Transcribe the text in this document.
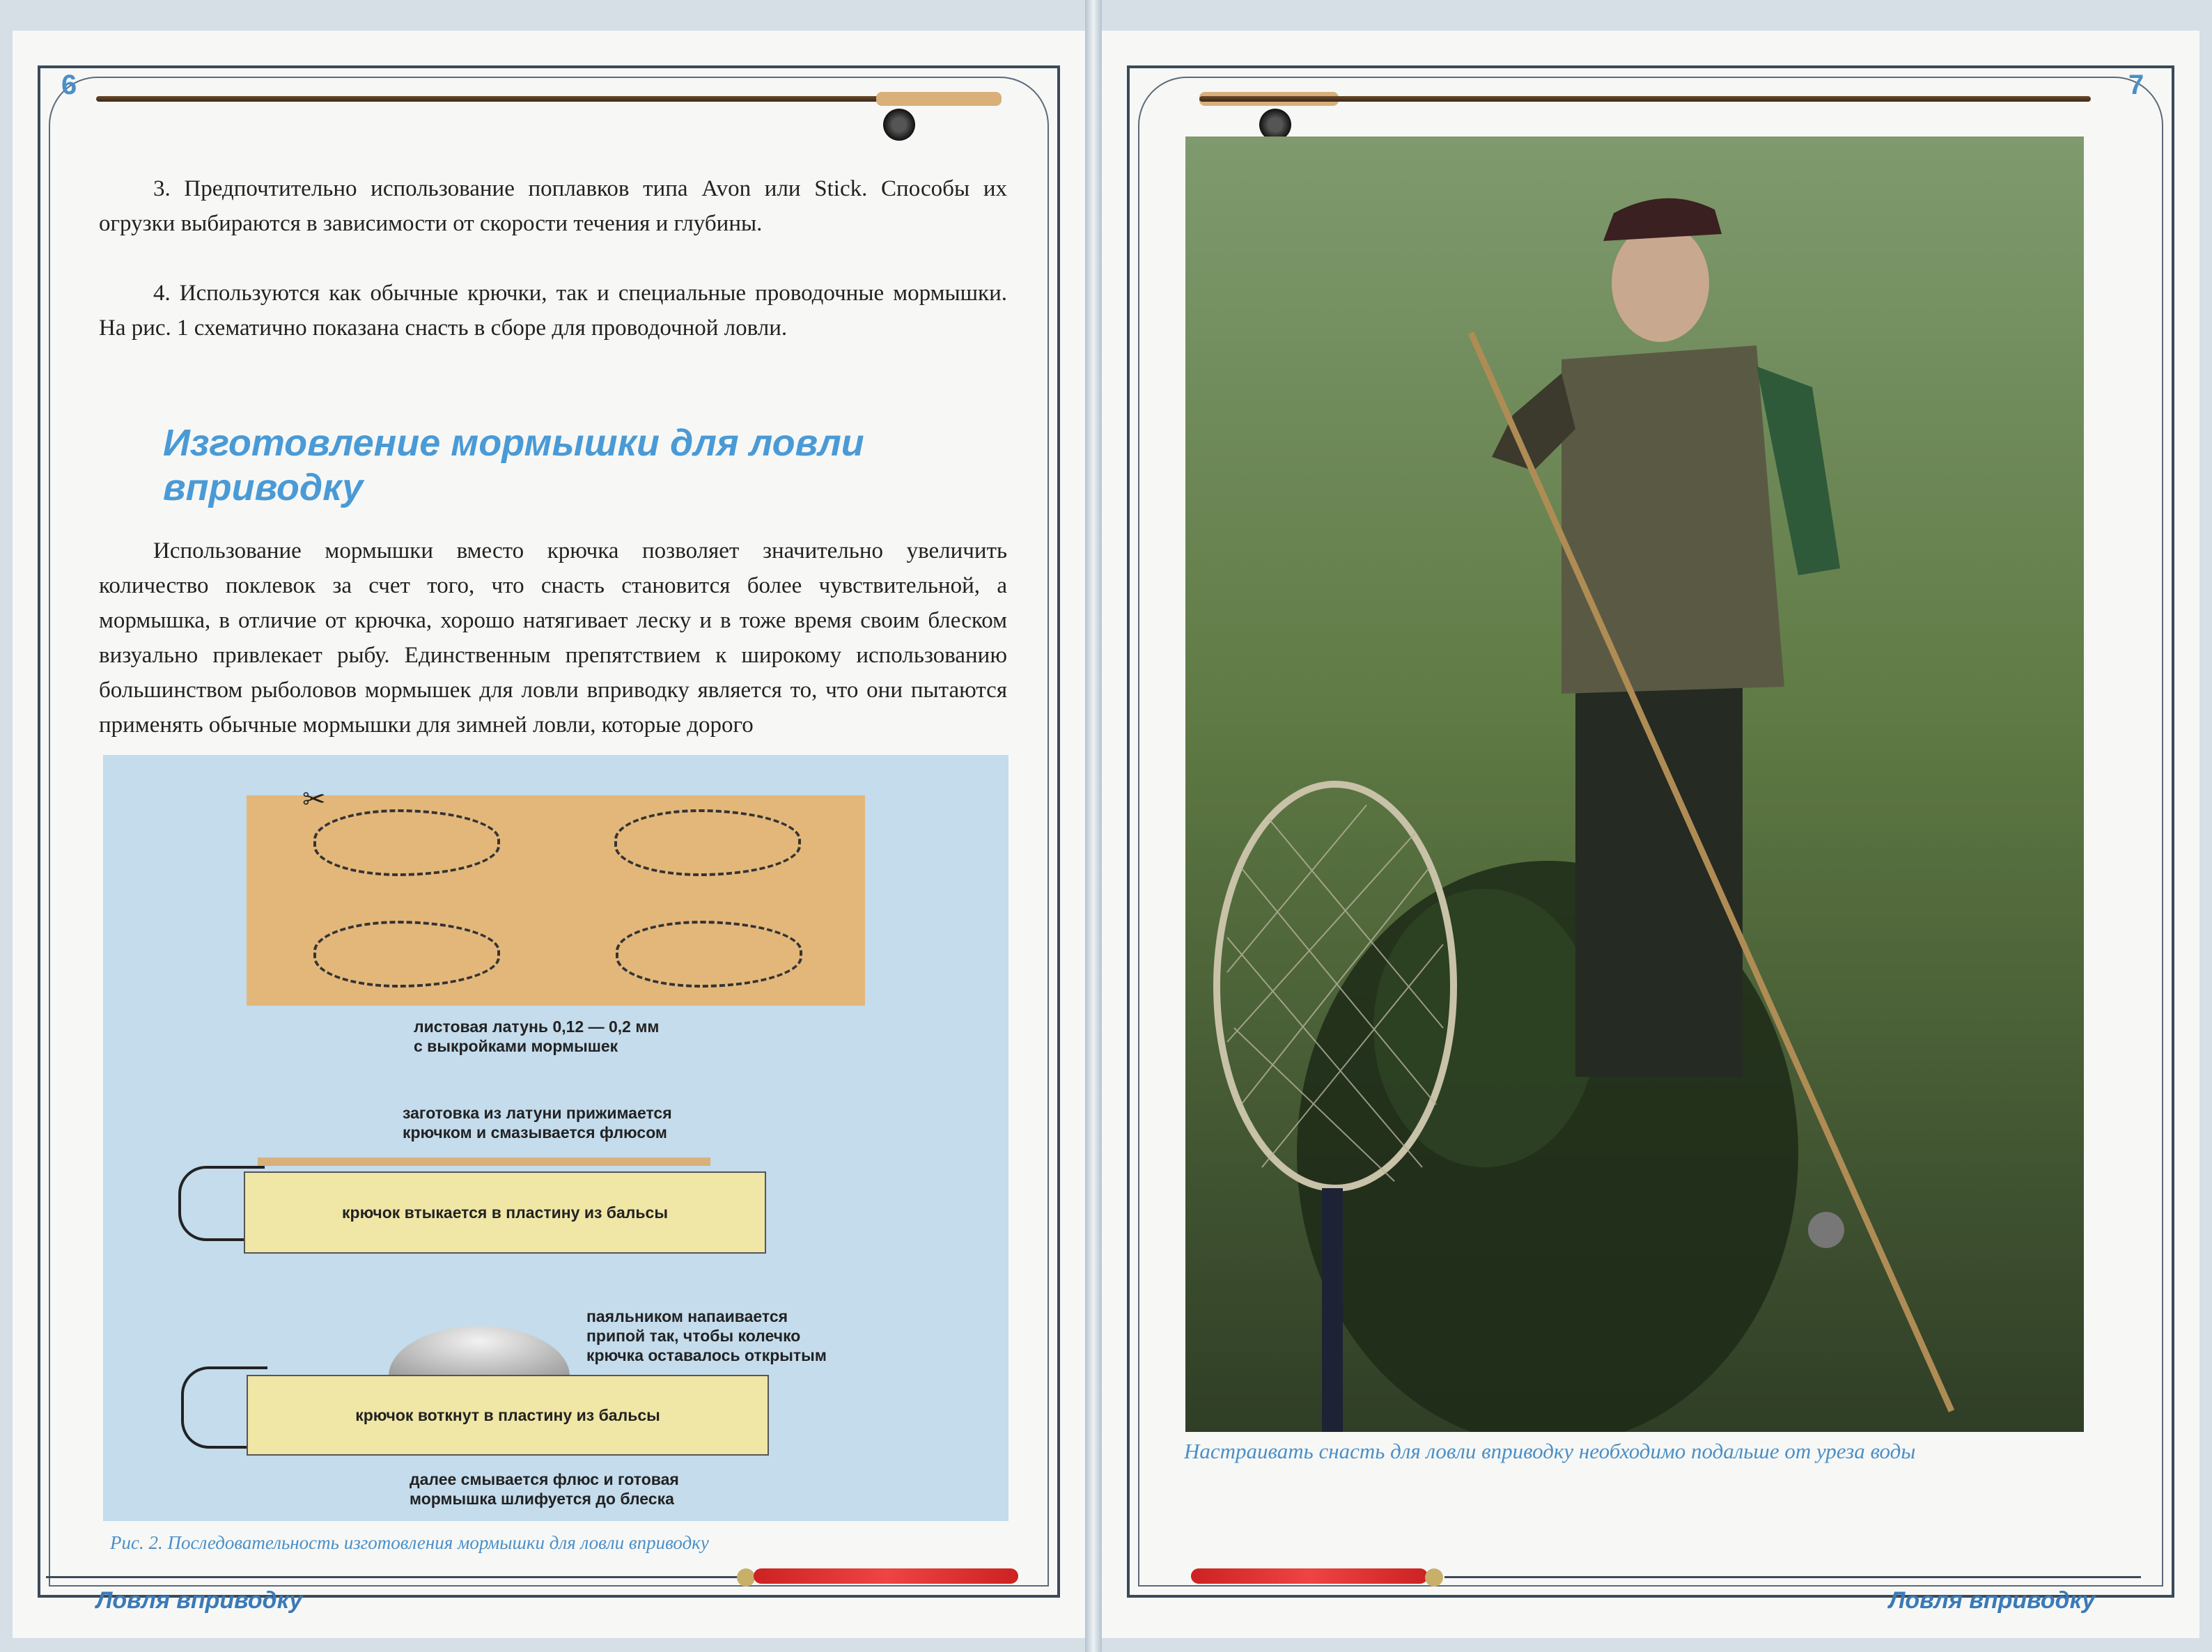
6

3. Предпочтительно использование поплавков типа Avon или Stick. Способы их огрузки выбираются в зависимости от скорости течения и глубины.

4. Используются как обычные крючки, так и специальные проводочные мормышки. На рис. 1 схематично показана снасть в сборе для проводочной ловли.

Изготовление мормышки для ловли вприводку

Использование мормышки вместо крючка позволяет значительно увеличить количество поклевок за счет того, что снасть становится более чувствительной, а мормышка, в отличие от крючка, хорошо натягивает леску и в тоже время своим блеском визуально привлекает рыбу. Единственным препятствием к широкому использованию большинством рыболовов мормышек для ловли вприводку является то, что они пытаются применять обычные мормышки для зимней ловли, которые дорого

✂
листовая латунь 0,12 — 0,2 мм
с выкройками мормышек
заготовка из латуни прижимается
крючком и смазывается флюсом
крючок втыкается в пластину из бальсы
паяльником напаивается
припой так, чтобы колечко
крючка оставалось открытым
крючок воткнут в пластину из бальсы
далее смывается флюс и готовая
мормышка шлифуется до блеска
Рис. 2. Последовательность изготовления мормышки для ловли вприводку
Ловля вприводку
7
Настраивать снасть для ловли вприводку необходимо подальше от уреза воды
Ловля вприводку
